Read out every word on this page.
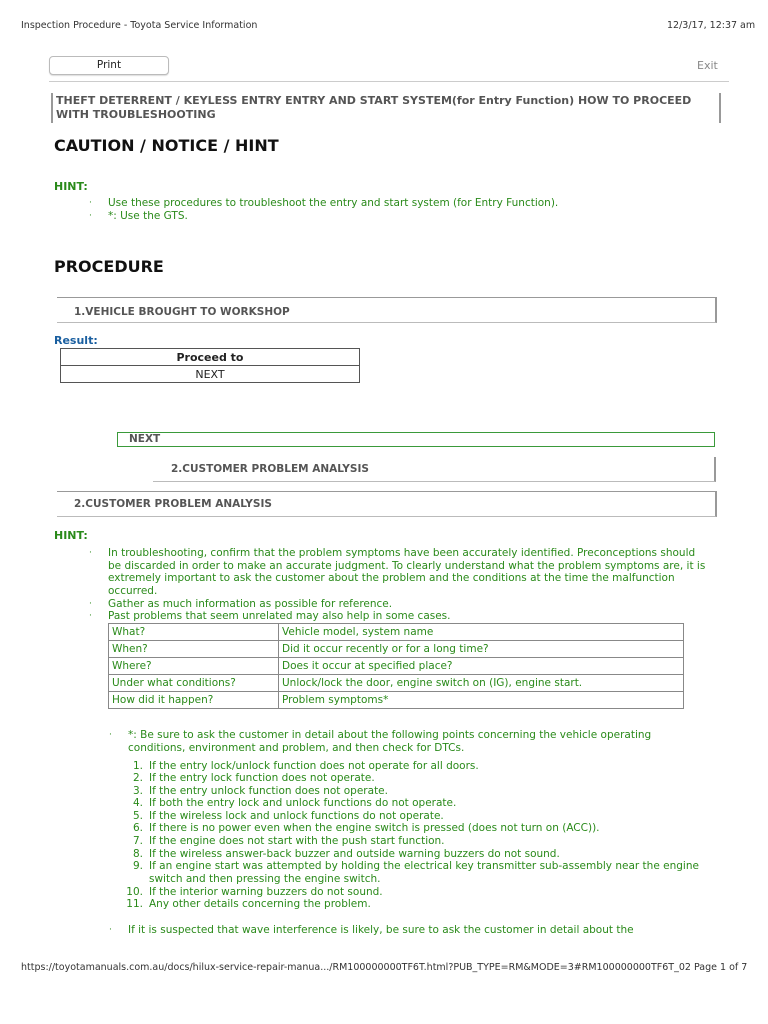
Inspection Procedure - Toyota Service Information	12/3/17, 12:37 am
Print	Exit
THEFT DETERRENT / KEYLESS ENTRY ENTRY AND START SYSTEM(for Entry Function) HOW TO PROCEED WITH TROUBLESHOOTING
CAUTION / NOTICE / HINT
HINT:
· Use these procedures to troubleshoot the entry and start system (for Entry Function).
· *: Use the GTS.
PROCEDURE
1.VEHICLE BROUGHT TO WORKSHOP
Result:
Proceed to
NEXT
NEXT
2.CUSTOMER PROBLEM ANALYSIS
2.CUSTOMER PROBLEM ANALYSIS
HINT:
· In troubleshooting, confirm that the problem symptoms have been accurately identified. Preconceptions should be discarded in order to make an accurate judgment. To clearly understand what the problem symptoms are, it is extremely important to ask the customer about the problem and the conditions at the time the malfunction occurred.
· Gather as much information as possible for reference.
· Past problems that seem unrelated may also help in some cases.
What?	Vehicle model, system name
When?	Did it occur recently or for a long time?
Where?	Does it occur at specified place?
Under what conditions?	Unlock/lock the door, engine switch on (IG), engine start.
How did it happen?	Problem symptoms*
· *: Be sure to ask the customer in detail about the following points concerning the vehicle operating conditions, environment and problem, and then check for DTCs.
1. If the entry lock/unlock function does not operate for all doors.
2. If the entry lock function does not operate.
3. If the entry unlock function does not operate.
4. If both the entry lock and unlock functions do not operate.
5. If the wireless lock and unlock functions do not operate.
6. If there is no power even when the engine switch is pressed (does not turn on (ACC)).
7. If the engine does not start with the push start function.
8. If the wireless answer-back buzzer and outside warning buzzers do not sound.
9. If an engine start was attempted by holding the electrical key transmitter sub-assembly near the engine switch and then pressing the engine switch.
10. If the interior warning buzzers do not sound.
11. Any other details concerning the problem.
· If it is suspected that wave interference is likely, be sure to ask the customer in detail about the
https://toyotamanuals.com.au/docs/hilux-service-repair-manua.../RM100000000TF6T.html?PUB_TYPE=RM&MODE=3#RM100000000TF6T_02 Page 1 of 7
